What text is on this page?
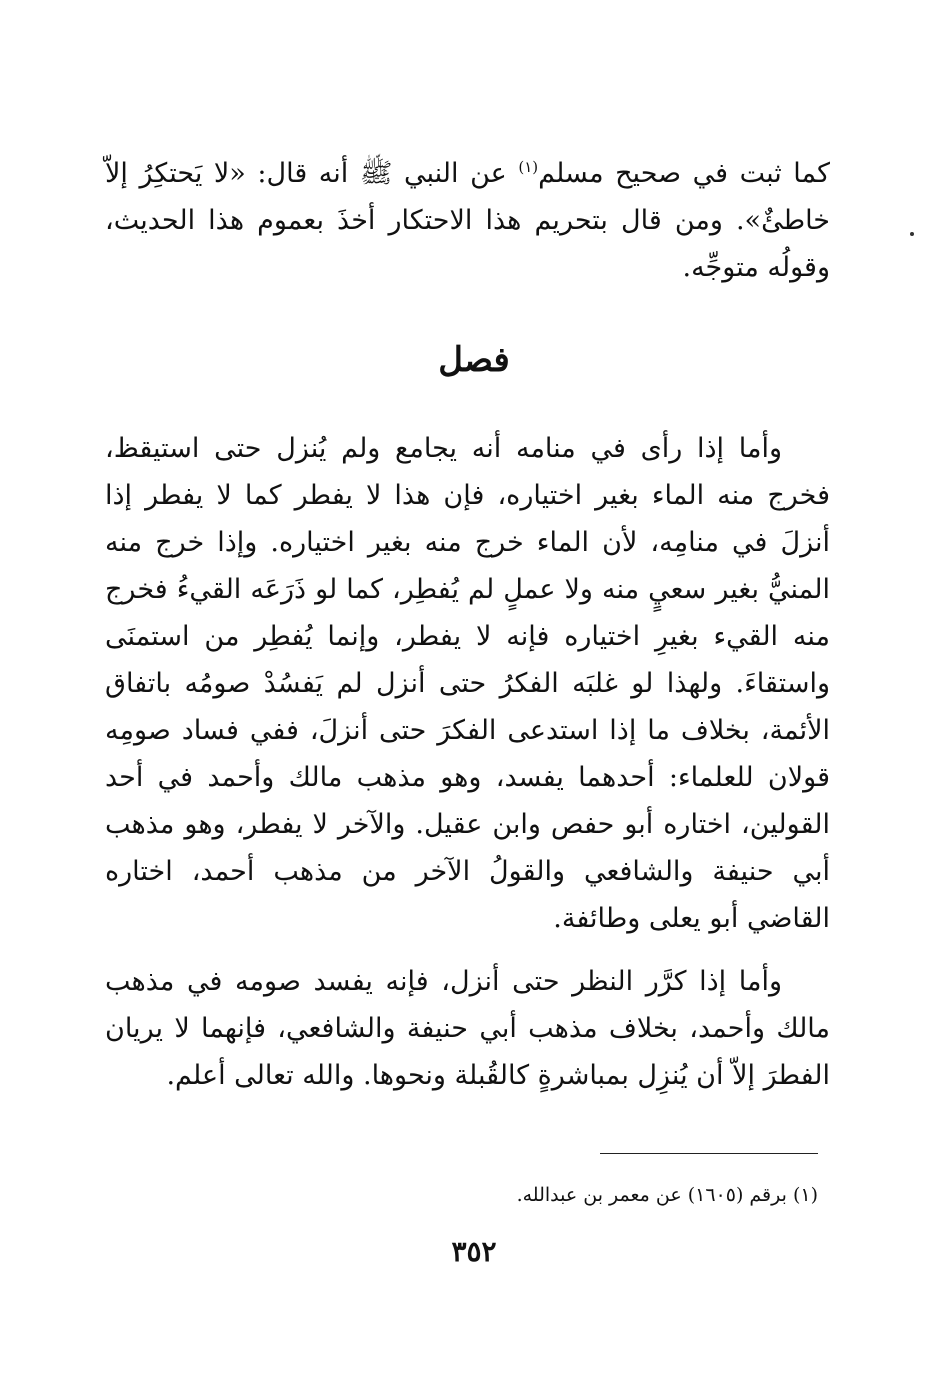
كما ثبت في صحيح مسلم$^{(١)}$ عن النبي ﷺ أنه قال: «لا يَحتكِرُ إلاّ خاطئٌ». ومن قال بتحريم هذا الاحتكار أخذَ بعموم هذا الحديث، وقولُه متوجِّه.

فصل

وأما إذا رأى في منامه أنه يجامع ولم يُنزل حتى استيقظ، فخرج منه الماء بغير اختياره، فإن هذا لا يفطر كما لا يفطر إذا أنزلَ في منامِه، لأن الماء خرج منه بغير اختياره. وإذا خرج منه المنيُّ بغير سعيٍ منه ولا عملٍ لم يُفطِر، كما لو ذَرَعَه القيءُ فخرج منه القيء بغيرِ اختياره فإنه لا يفطر، وإنما يُفطِر من استمنَى واستقاءَ. ولهذا لو غلبَه الفكرُ حتى أنزل لم يَفسُدْ صومُه باتفاق الأئمة، بخلاف ما إذا استدعى الفكرَ حتى أنزلَ، ففي فساد صومِه قولان للعلماء: أحدهما يفسد، وهو مذهب مالك وأحمد في أحد القولين، اختاره أبو حفص وابن عقيل. والآخر لا يفطر، وهو مذهب أبي حنيفة والشافعي والقولُ الآخر من مذهب أحمد، اختاره القاضي أبو يعلى وطائفة.

وأما إذا كرَّر النظر حتى أنزل، فإنه يفسد صومه في مذهب مالك وأحمد، بخلاف مذهب أبي حنيفة والشافعي، فإنهما لا يريان الفطرَ إلاّ أن يُنزِل بمباشرةٍ كالقُبلة ونحوها. والله تعالى أعلم.

(١) برقم (١٦٠٥) عن معمر بن عبدالله.

٣٥٢
